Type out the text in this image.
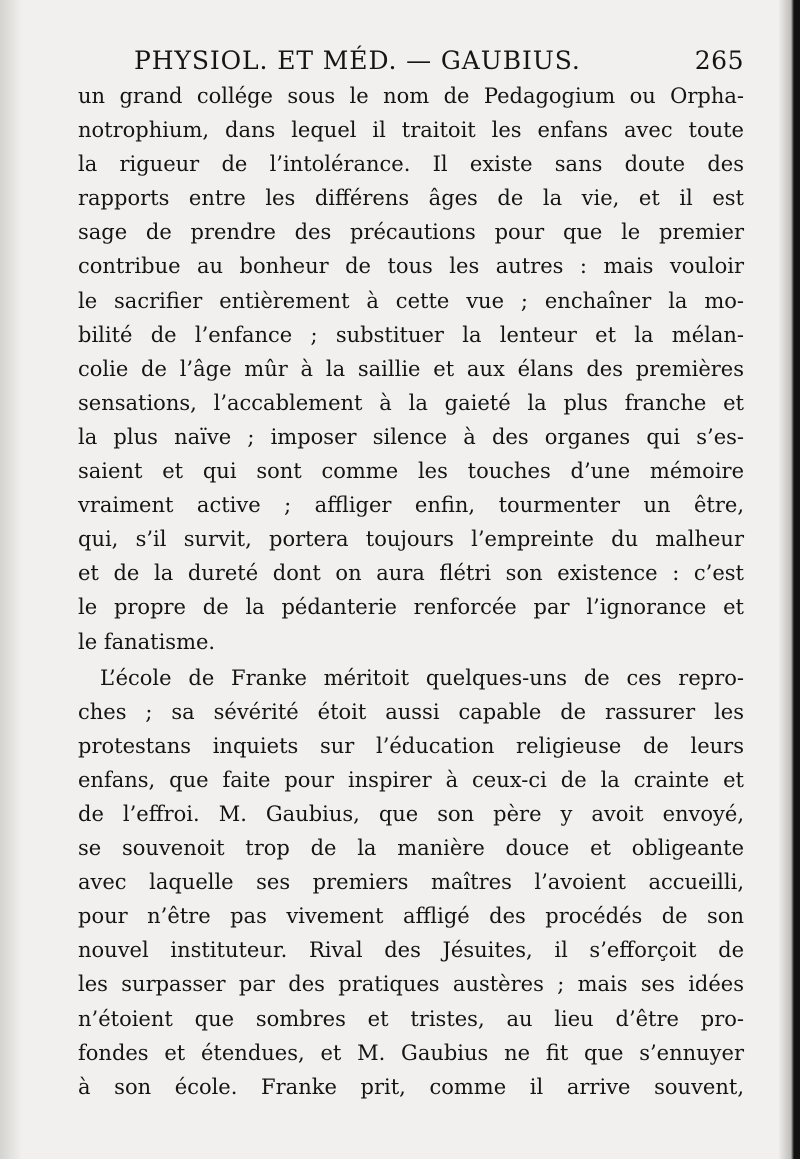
PHYSIOL. ET MÉD. — GAUBIUS.	265
un grand collége sous le nom de Pedagogium ou Orpha-
notrophium, dans lequel il traitoit les enfans avec toute
la rigueur de l’intolérance. Il existe sans doute des
rapports entre les différens âges de la vie, et il est
sage de prendre des précautions pour que le premier
contribue au bonheur de tous les autres : mais vouloir
le sacrifier entièrement à cette vue ; enchaîner la mo-
bilité de l’enfance ; substituer la lenteur et la mélan-
colie de l’âge mûr à la saillie et aux élans des premières
sensations, l’accablement à la gaieté la plus franche et
la plus naïve ; imposer silence à des organes qui s’es-
saient et qui sont comme les touches d’une mémoire
vraiment active ; affliger enfin, tourmenter un être,
qui, s’il survit, portera toujours l’empreinte du malheur
et de la dureté dont on aura flétri son existence : c’est
le propre de la pédanterie renforcée par l’ignorance et
le fanatisme.
L’école de Franke méritoit quelques-uns de ces repro-
ches ; sa sévérité étoit aussi capable de rassurer les
protestans inquiets sur l’éducation religieuse de leurs
enfans, que faite pour inspirer à ceux-ci de la crainte et
de l’effroi. M. Gaubius, que son père y avoit envoyé,
se souvenoit trop de la manière douce et obligeante
avec laquelle ses premiers maîtres l’avoient accueilli,
pour n’être pas vivement affligé des procédés de son
nouvel instituteur. Rival des Jésuites, il s’efforçoit de
les surpasser par des pratiques austères ; mais ses idées
n’étoient que sombres et tristes, au lieu d’être pro-
fondes et étendues, et M. Gaubius ne fit que s’ennuyer
à son école. Franke prit, comme il arrive souvent,
